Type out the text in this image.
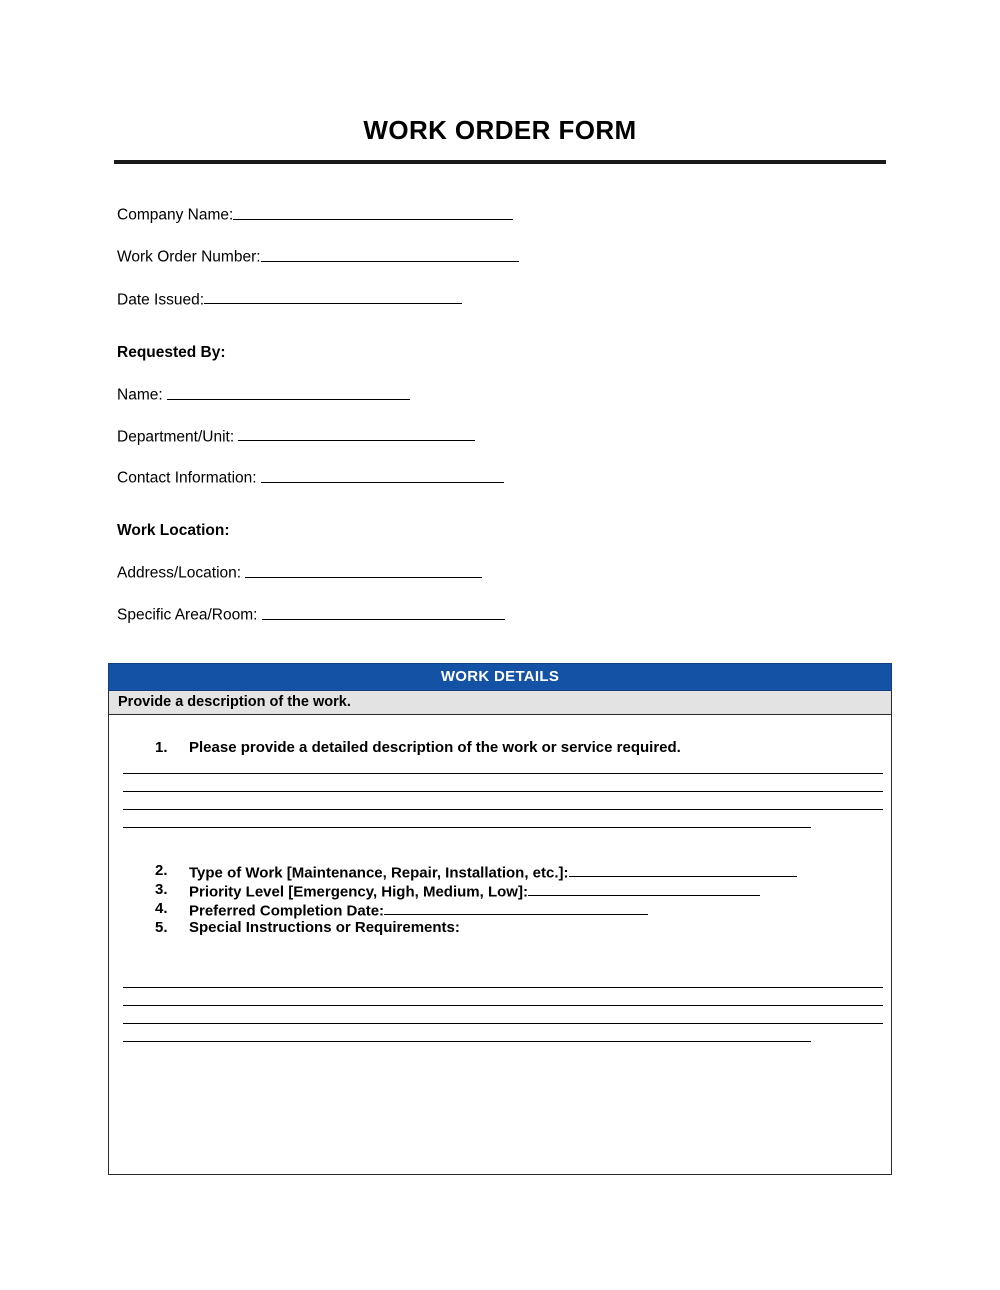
WORK ORDER FORM
Company Name:
Work Order Number:
Date Issued:
Requested By:
Name:
Department/Unit:
Contact Information:
Work Location:
Address/Location:
Specific Area/Room:
WORK DETAILS
Provide a description of the work.
1. Please provide a detailed description of the work or service required.
2. Type of Work [Maintenance, Repair, Installation, etc.]:
3. Priority Level [Emergency, High, Medium, Low]:
4. Preferred Completion Date:
5. Special Instructions or Requirements:
